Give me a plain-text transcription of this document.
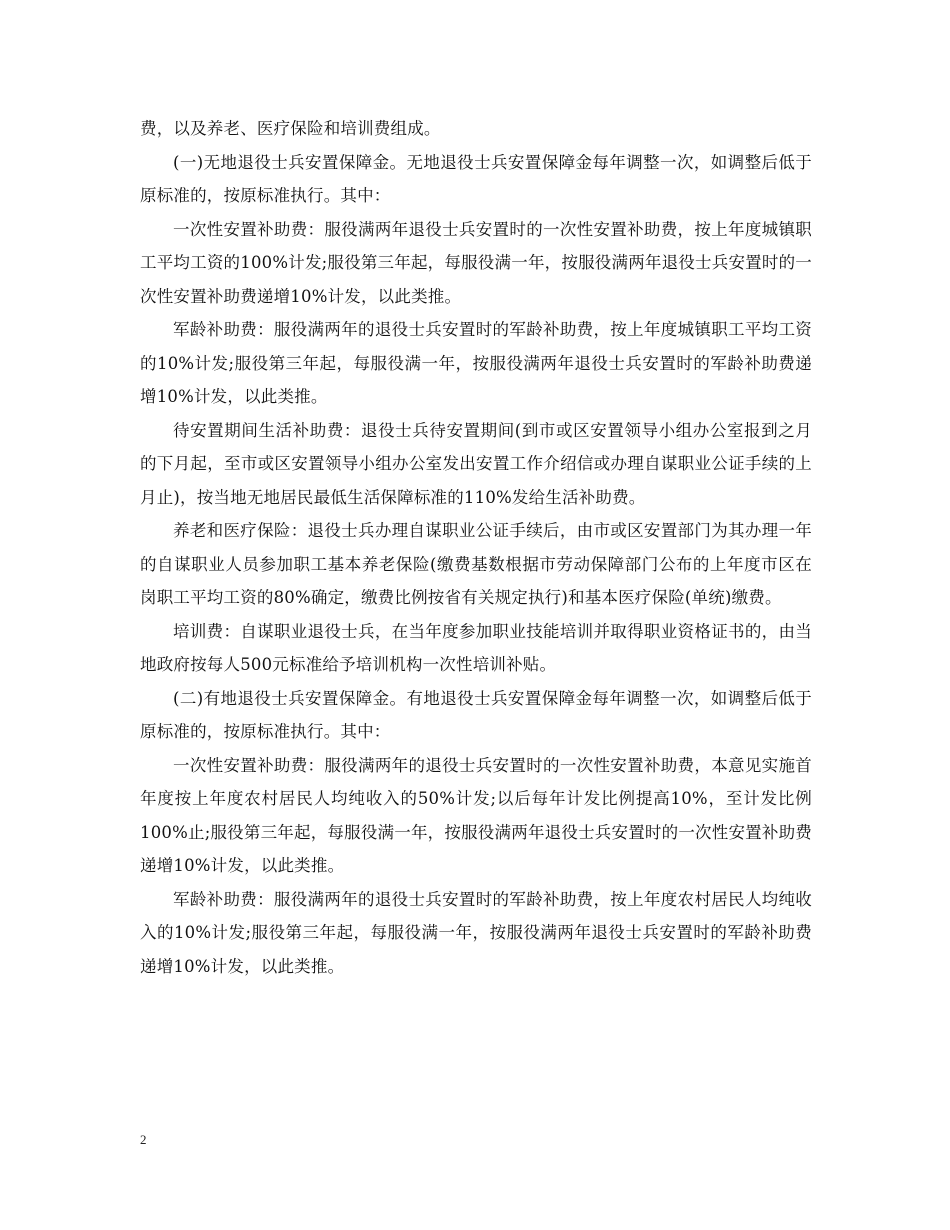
费，以及养老、医疗保险和培训费组成。

(一)无地退役士兵安置保障金。无地退役士兵安置保障金每年调整一次，如调整后低于原标准的，按原标准执行。其中：

一次性安置补助费：服役满两年退役士兵安置时的一次性安置补助费，按上年度城镇职工平均工资的100%计发;服役第三年起，每服役满一年，按服役满两年退役士兵安置时的一次性安置补助费递增10%计发，以此类推。

军龄补助费：服役满两年的退役士兵安置时的军龄补助费，按上年度城镇职工平均工资的10%计发;服役第三年起，每服役满一年，按服役满两年退役士兵安置时的军龄补助费递增10%计发，以此类推。

待安置期间生活补助费：退役士兵待安置期间(到市或区安置领导小组办公室报到之月的下月起，至市或区安置领导小组办公室发出安置工作介绍信或办理自谋职业公证手续的上月止)，按当地无地居民最低生活保障标准的110%发给生活补助费。

养老和医疗保险：退役士兵办理自谋职业公证手续后，由市或区安置部门为其办理一年的自谋职业人员参加职工基本养老保险(缴费基数根据市劳动保障部门公布的上年度市区在岗职工平均工资的80%确定，缴费比例按省有关规定执行)和基本医疗保险(单统)缴费。

培训费：自谋职业退役士兵，在当年度参加职业技能培训并取得职业资格证书的，由当地政府按每人500元标准给予培训机构一次性培训补贴。

(二)有地退役士兵安置保障金。有地退役士兵安置保障金每年调整一次，如调整后低于原标准的，按原标准执行。其中：

一次性安置补助费：服役满两年的退役士兵安置时的一次性安置补助费，本意见实施首年度按上年度农村居民人均纯收入的50%计发;以后每年计发比例提高10%，至计发比例100%止;服役第三年起，每服役满一年，按服役满两年退役士兵安置时的一次性安置补助费递增10%计发，以此类推。

军龄补助费：服役满两年的退役士兵安置时的军龄补助费，按上年度农村居民人均纯收入的10%计发;服役第三年起，每服役满一年，按服役满两年退役士兵安置时的军龄补助费递增10%计发，以此类推。

2
